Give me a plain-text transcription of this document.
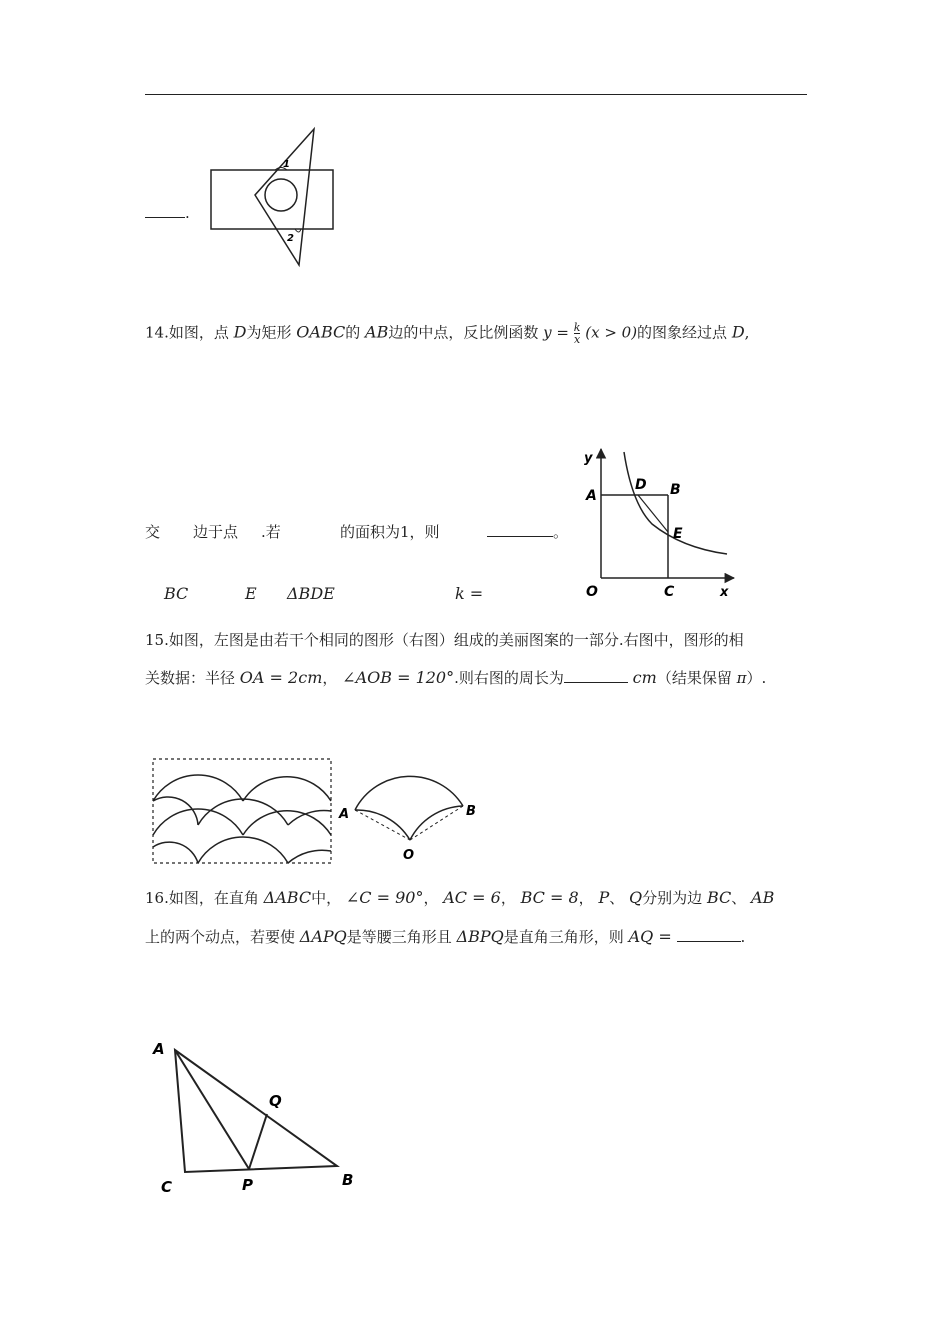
.
1
2
14.如图，点 D为矩形 OABC的 AB边的中点，反比例函数 $y = \frac{k}{x} (x > 0)$的图象经过点 D,
交 边于点 .若	的面积为1，则	。
BC	E ΔBDE	k =
y
A
D B
E
O	C	x
15.如图，左图是由若干个相同的图形（右图）组成的美丽图案的一部分.右图中，图形的相
关数据：半径 OA = 2cm， ∠AOB = 120°.则右图的周长为	cm（结果保留 π）.
A	B
O
16.如图，在直角 ΔABC中， ∠C = 90°， AC = 6， BC = 8， P、 Q分别为边 BC、 AB
上的两个动点，若要使 ΔAPQ是等腰三角形且 ΔBPQ是直角三角形，则 AQ =	.
A
Q
C	P	B
